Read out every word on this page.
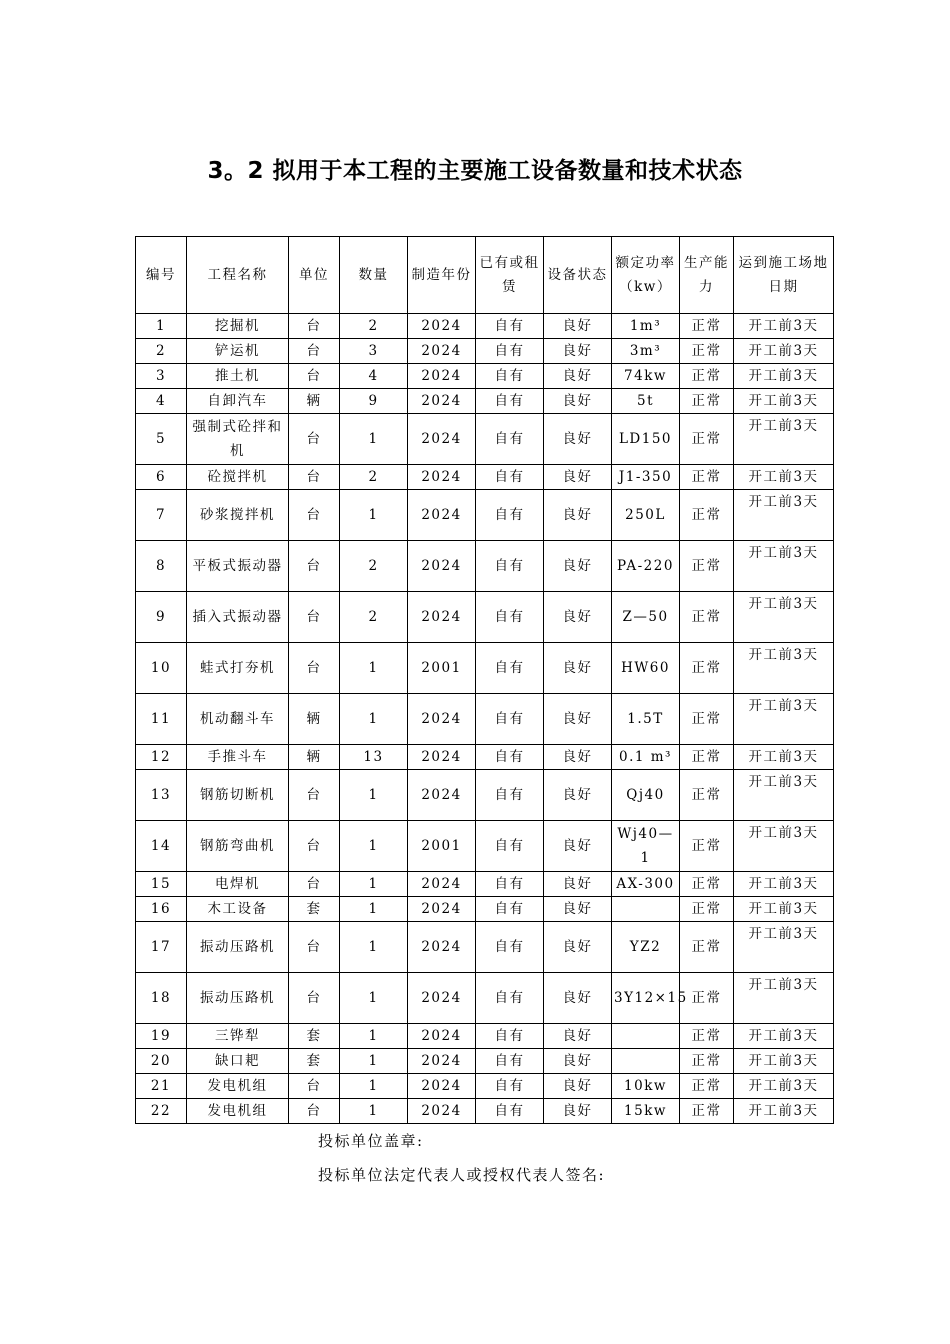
3。2 拟用于本工程的主要施工设备数量和技术状态
编号	工程名称	单位	数量	制造年份	已有或租赁	设备状态	额定功率（kw）	生产能力	运到施工场地日期
1	挖掘机	台	2	2024	自有	良好	1m³	正常	开工前3天
2	铲运机	台	3	2024	自有	良好	3m³	正常	开工前3天
3	推土机	台	4	2024	自有	良好	74kw	正常	开工前3天
4	自卸汽车	辆	9	2024	自有	良好	5t	正常	开工前3天
5	强制式砼拌和机	台	1	2024	自有	良好	LD150	正常	开工前3天
6	砼搅拌机	台	2	2024	自有	良好	J1-350	正常	开工前3天
7	砂浆搅拌机	台	1	2024	自有	良好	250L	正常	开工前3天
8	平板式振动器	台	2	2024	自有	良好	PA-220	正常	开工前3天
9	插入式振动器	台	2	2024	自有	良好	Z—50	正常	开工前3天
10	蛙式打夯机	台	1	2001	自有	良好	HW60	正常	开工前3天
11	机动翻斗车	辆	1	2024	自有	良好	1.5T	正常	开工前3天
12	手推斗车	辆	13	2024	自有	良好	0.1 m³	正常	开工前3天
13	钢筋切断机	台	1	2024	自有	良好	Qj40	正常	开工前3天
14	钢筋弯曲机	台	1	2001	自有	良好	Wj40—1	正常	开工前3天
15	电焊机	台	1	2024	自有	良好	AX-300	正常	开工前3天
16	木工设备	套	1	2024	自有	良好		正常	开工前3天
17	振动压路机	台	1	2024	自有	良好	YZ2	正常	开工前3天
18	振动压路机	台	1	2024	自有	良好	3Y12×15	正常	开工前3天
19	三铧犁	套	1	2024	自有	良好		正常	开工前3天
20	缺口耙	套	1	2024	自有	良好		正常	开工前3天
21	发电机组	台	1	2024	自有	良好	10kw	正常	开工前3天
22	发电机组	台	1	2024	自有	良好	15kw	正常	开工前3天
投标单位盖章:
投标单位法定代表人或授权代表人签名:
